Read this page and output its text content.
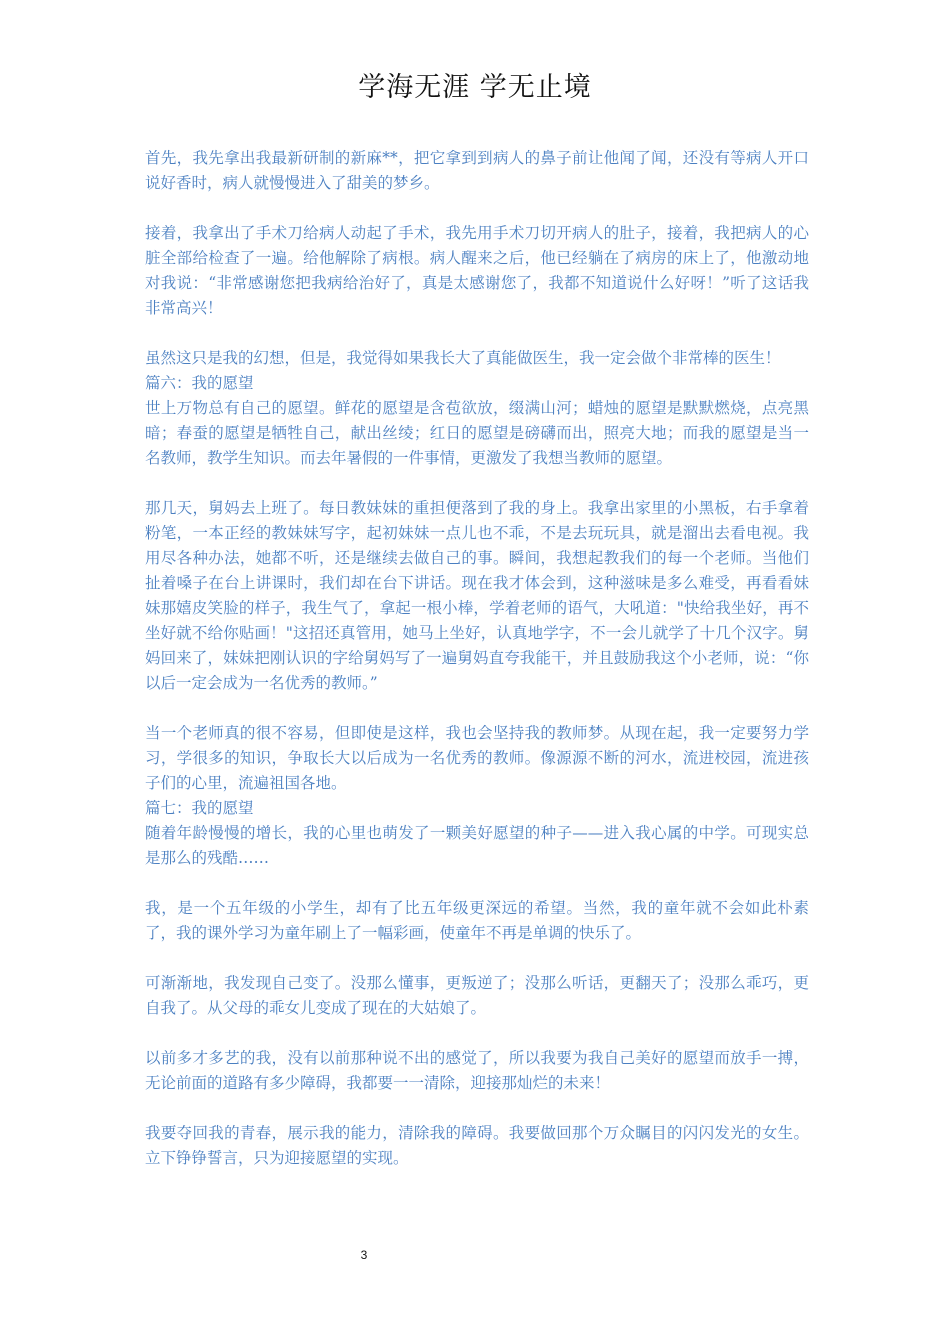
学海无涯 学无止境

首先，我先拿出我最新研制的新麻**，把它拿到到病人的鼻子前让他闻了闻，还没有等病人开口说好香时，病人就慢慢进入了甜美的梦乡。

接着，我拿出了手术刀给病人动起了手术，我先用手术刀切开病人的肚子，接着，我把病人的心脏全部给检查了一遍。给他解除了病根。病人醒来之后，他已经躺在了病房的床上了，他激动地对我说：“非常感谢您把我病给治好了，真是太感谢您了，我都不知道说什么好呀！”听了这话我非常高兴！

虽然这只是我的幻想，但是，我觉得如果我长大了真能做医生，我一定会做个非常棒的医生！

篇六：我的愿望

世上万物总有自己的愿望。鲜花的愿望是含苞欲放，缀满山河；蜡烛的愿望是默默燃烧，点亮黑暗；春蚕的愿望是牺牲自己，献出丝绫；红日的愿望是磅礴而出，照亮大地；而我的愿望是当一名教师，教学生知识。而去年暑假的一件事情，更激发了我想当教师的愿望。

那几天，舅妈去上班了。每日教妹妹的重担便落到了我的身上。我拿出家里的小黑板，右手拿着粉笔，一本正经的教妹妹写字，起初妹妹一点儿也不乖，不是去玩玩具，就是溜出去看电视。我用尽各种办法，她都不听，还是继续去做自己的事。瞬间，我想起教我们的每一个老师。当他们扯着嗓子在台上讲课时，我们却在台下讲话。现在我才体会到，这种滋味是多么难受，再看看妹妹那嬉皮笑脸的样子，我生气了，拿起一根小棒，学着老师的语气，大吼道："快给我坐好，再不坐好就不给你贴画！"这招还真管用，她马上坐好，认真地学字，不一会儿就学了十几个汉字。舅妈回来了，妹妹把刚认识的字给舅妈写了一遍舅妈直夸我能干，并且鼓励我这个小老师，说：“你以后一定会成为一名优秀的教师。”

当一个老师真的很不容易，但即使是这样，我也会坚持我的教师梦。从现在起，我一定要努力学习，学很多的知识，争取长大以后成为一名优秀的教师。像源源不断的河水，流进校园，流进孩子们的心里，流遍祖国各地。

篇七：我的愿望

随着年龄慢慢的增长，我的心里也萌发了一颗美好愿望的种子——进入我心属的中学。可现实总是那么的残酷……

我，是一个五年级的小学生，却有了比五年级更深远的希望。当然，我的童年就不会如此朴素了，我的课外学习为童年刷上了一幅彩画，使童年不再是单调的快乐了。

可渐渐地，我发现自己变了。没那么懂事，更叛逆了；没那么听话，更翻天了；没那么乖巧，更自我了。从父母的乖女儿变成了现在的大姑娘了。

以前多才多艺的我，没有以前那种说不出的感觉了，所以我要为我自己美好的愿望而放手一搏，无论前面的道路有多少障碍，我都要一一清除，迎接那灿烂的未来！

我要夺回我的青春，展示我的能力，清除我的障碍。我要做回那个万众瞩目的闪闪发光的女生。立下铮铮誓言，只为迎接愿望的实现。

3
